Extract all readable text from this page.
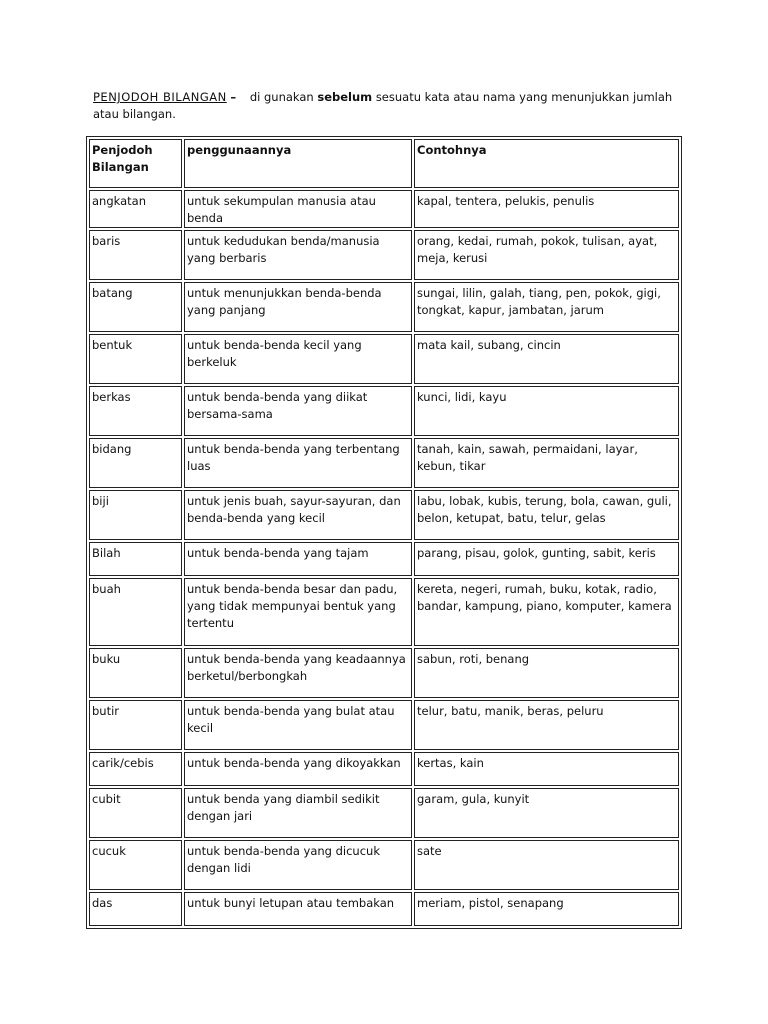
PENJODOH BILANGAN – di gunakan sebelum sesuatu kata atau nama yang menunjukkan jumlah atau bilangan.
Penjodoh Bilangan	penggunaannya	Contohnya
angkatan	untuk sekumpulan manusia atau benda	kapal, tentera, pelukis, penulis
baris	untuk kedudukan benda/manusia yang berbaris	orang, kedai, rumah, pokok, tulisan, ayat, meja, kerusi
batang	untuk menunjukkan benda-benda yang panjang	sungai, lilin, galah, tiang, pen, pokok, gigi, tongkat, kapur, jambatan, jarum
bentuk	untuk benda-benda kecil yang berkeluk	mata kail, subang, cincin
berkas	untuk benda-benda yang diikat bersama-sama	kunci, lidi, kayu
bidang	untuk benda-benda yang terbentang luas	tanah, kain, sawah, permaidani, layar, kebun, tikar
biji	untuk jenis buah, sayur-sayuran, dan benda-benda yang kecil	labu, lobak, kubis, terung, bola, cawan, guli, belon, ketupat, batu, telur, gelas
Bilah	untuk benda-benda yang tajam	parang, pisau, golok, gunting, sabit, keris
buah	untuk benda-benda besar dan padu, yang tidak mempunyai bentuk yang tertentu	kereta, negeri, rumah, buku, kotak, radio, bandar, kampung, piano, komputer, kamera
buku	untuk benda-benda yang keadaannya berketul/berbongkah	sabun, roti, benang
butir	untuk benda-benda yang bulat atau kecil	telur, batu, manik, beras, peluru
carik/cebis	untuk benda-benda yang dikoyakkan	kertas, kain
cubit	untuk benda yang diambil sedikit dengan jari	garam, gula, kunyit
cucuk	untuk benda-benda yang dicucuk dengan lidi	sate
das	untuk bunyi letupan atau tembakan	meriam, pistol, senapang
